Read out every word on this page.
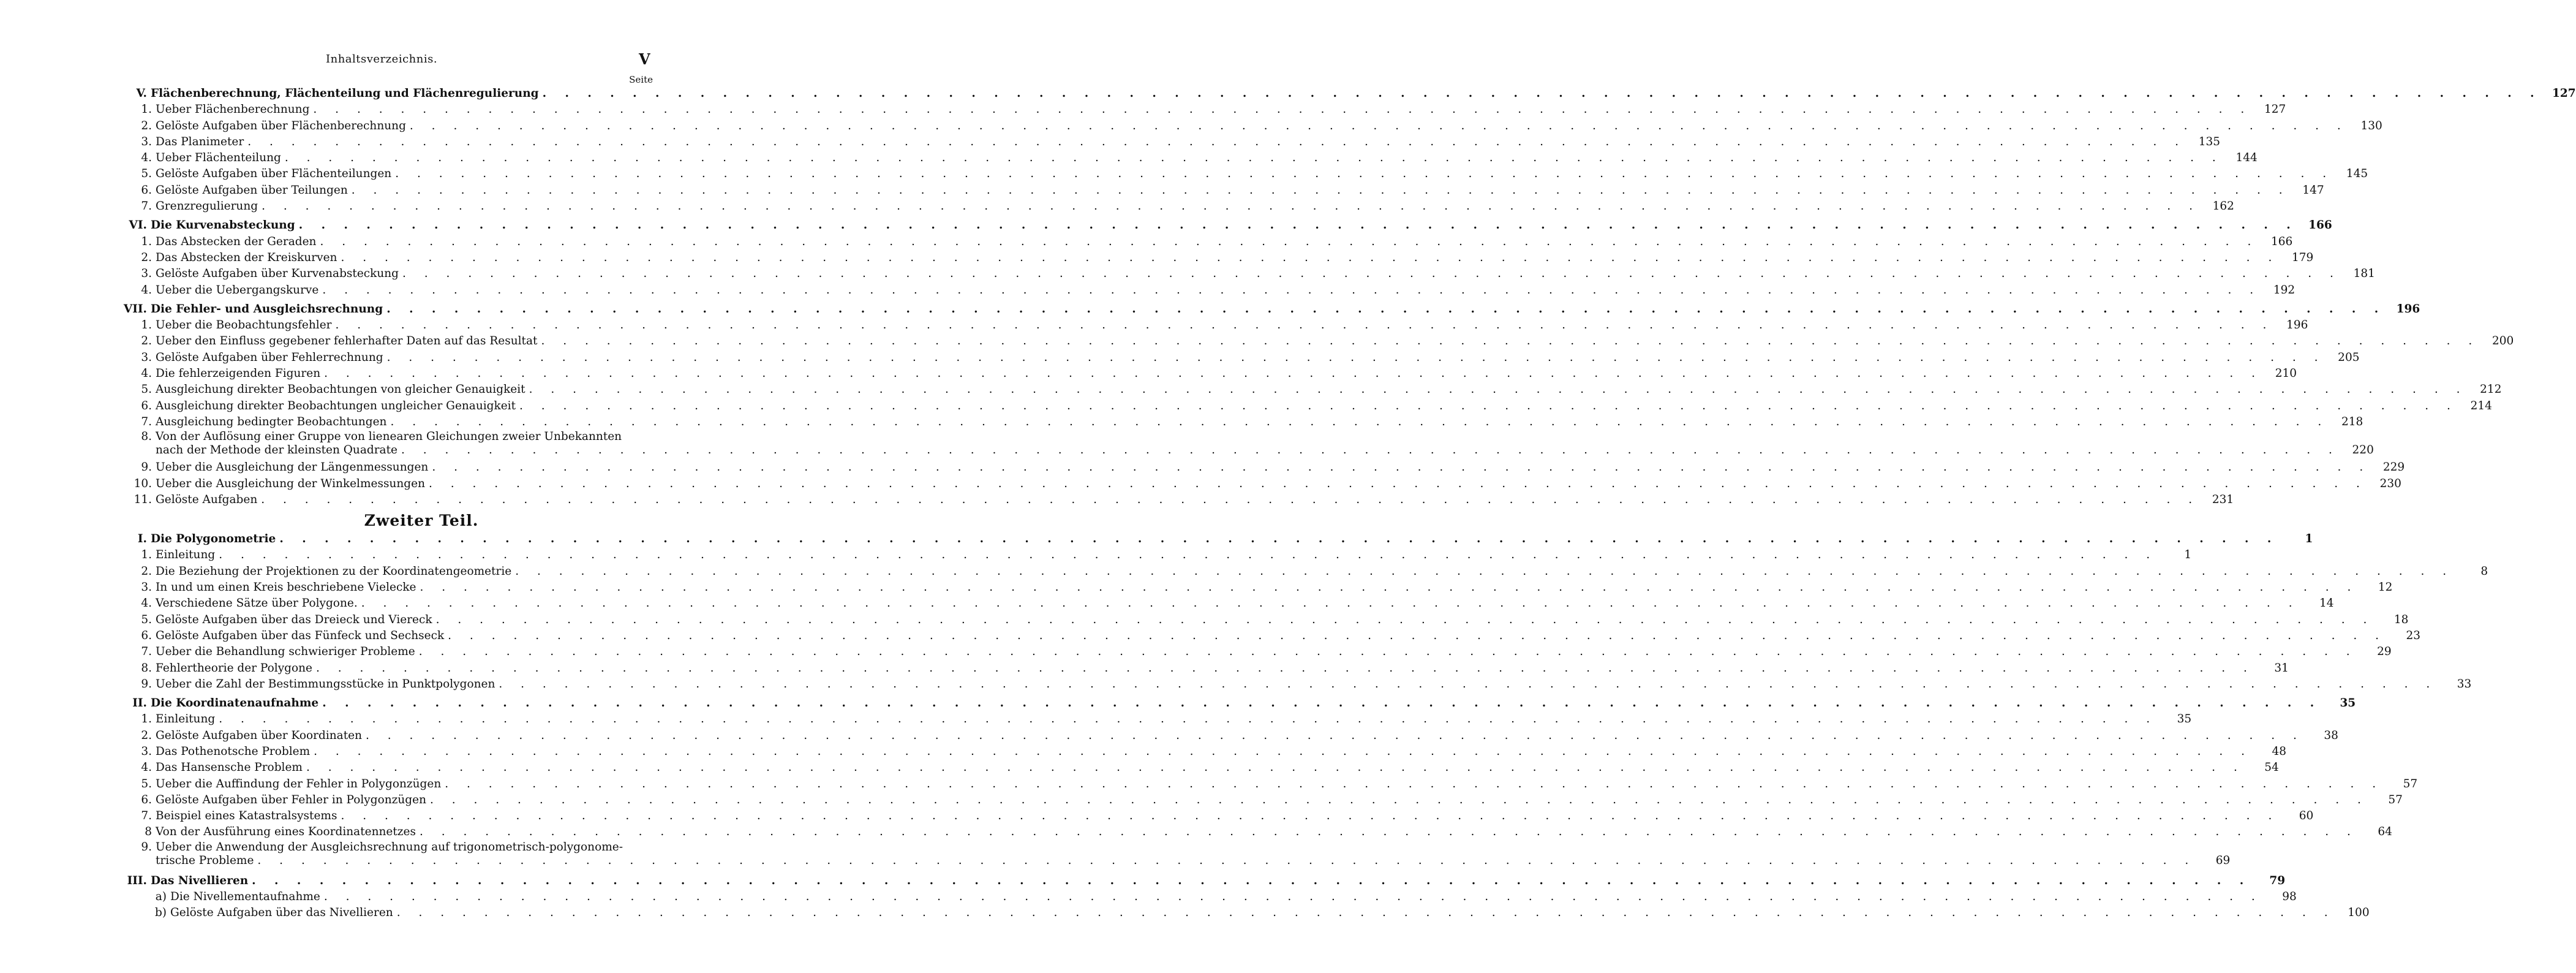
Inhaltsverzeichnis.	V
Seite
V. Flächenberechnung, Flächenteilung und Flächenregulierung . . .	127
1. Ueber Flächenberechnung . . .	127
2. Gelöste Aufgaben über Flächenberechnung . . .	130
3. Das Planimeter . . .	135
4. Ueber Flächenteilung . . .	144
5. Gelöste Aufgaben über Flächenteilungen . . .	145
6. Gelöste Aufgaben über Teilungen . . .	147
7. Grenzregulierung . . .	162
VI. Die Kurvenabsteckung . . .	166
1. Das Abstecken der Geraden . . .	166
2. Das Abstecken der Kreiskurven . . .	179
3. Gelöste Aufgaben über Kurvenabsteckung . . .	181
4. Ueber die Uebergangskurve . . .	192
VII. Die Fehler- und Ausgleichsrechnung . . .	196
1. Ueber die Beobachtungsfehler . . .	196
2. Ueber den Einfluss gegebener fehlerhafter Daten auf das Resultat . . .	200
3. Gelöste Aufgaben über Fehlerrechnung . . .	205
4. Die fehlerzeigenden Figuren . . .	210
5. Ausgleichung direkter Beobachtungen von gleicher Genauigkeit . . .	212
6. Ausgleichung direkter Beobachtungen ungleicher Genauigkeit . . .	214
7. Ausgleichung bedingter Beobachtungen . . .	218
8. Von der Auflösung einer Gruppe von lienearen Gleichungen zweier Unbekannten
nach der Methode der kleinsten Quadrate . . .	220
9. Ueber die Ausgleichung der Längenmessungen . . .	229
10. Ueber die Ausgleichung der Winkelmessungen . . .	230
11. Gelöste Aufgaben . . .	231
Zweiter Teil.
I. Die Polygonometrie . . .	1
1. Einleitung . . .	1
2. Die Beziehung der Projektionen zu der Koordinatengeometrie . . .	8
3. In und um einen Kreis beschriebene Vielecke . . .	12
4. Verschiedene Sätze über Polygone. . . .	14
5. Gelöste Aufgaben über das Dreieck und Viereck . . .	18
6. Gelöste Aufgaben über das Fünfeck und Sechseck . . .	23
7. Ueber die Behandlung schwieriger Probleme . . .	29
8. Fehlertheorie der Polygone . . .	31
9. Ueber die Zahl der Bestimmungsstücke in Punktpolygonen . . .	33
II. Die Koordinatenaufnahme . . .	35
1. Einleitung . . .	35
2. Gelöste Aufgaben über Koordinaten . . .	38
3. Das Pothenotsche Problem . . .	48
4. Das Hansensche Problem . . .	54
5. Ueber die Auffindung der Fehler in Polygonzügen . . .	57
6. Gelöste Aufgaben über Fehler in Polygonzügen . . .	57
7. Beispiel eines Katastralsystems . . .	60
8 Von der Ausführung eines Koordinatennetzes . . .	64
9. Ueber die Anwendung der Ausgleichsrechnung auf trigonometrisch-polygonome-
trische Probleme . . .	69
III. Das Nivellieren . . .	79
a) Die Nivellementaufnahme . . .	98
b) Gelöste Aufgaben über das Nivellieren . . .	100
